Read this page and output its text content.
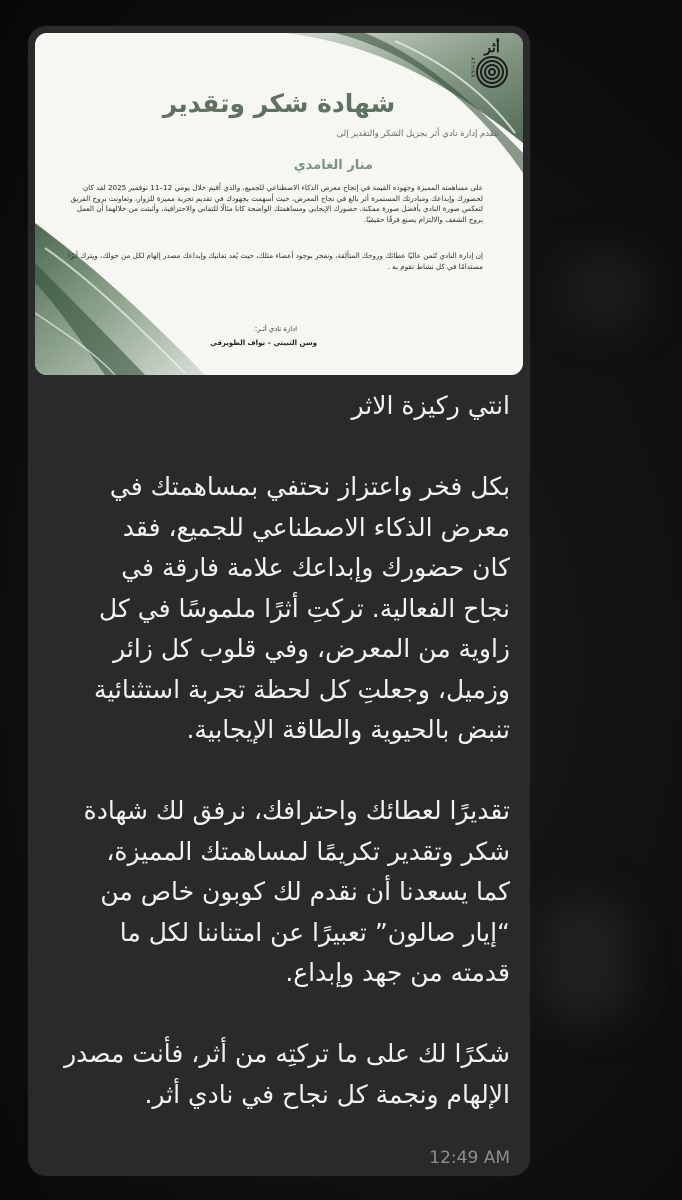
أثر
ATHAR
شهادة شكر وتقدير
تتقدم إدارة نادي أثر بجزيل الشكر والتقدير إلى
منار الغامدي
على مساهمته المميزة وجهوده القيمة في إنجاح معرض الذكاء الاصطناعي للجميع، والذي أقيم خلال يومي 12–11 نوفمبر 2025 لقد كان لحضورك وإبداعك ومبادرتك المستمرة أثر بالغ في نجاح المعرض، حيث أسهمت بجهودك في تقديم تجربة مميزة للزوار، وتعاونت بروح الفريق لتعكس صورة النادي بأفضل صورة ممكنة. حضورك الإيجابي ومساهمتك الواضحة كانا مثالًا للتفاني والاحترافية، وأثبتت من خلالهما أن العمل بروح الشغف والالتزام يصنع فرقًا حقيقيًا.
إن إدارة النادي تُثمن عاليًا عطائك وروحك المتألقة، ونفخر بوجود أعضاء مثلك، حيث يُعد تفانيك وإبداعك مصدر إلهام لكل من حولك، ويترك أثرًا مستدامًا في كل نشاط تقوم به .
ادارة نادي أثـر:
وسن الثبيتي – نواف الطويرقي

انتي ركيزة الاثر

بكل فخر واعتزاز نحتفي بمساهمتك في
معرض الذكاء الاصطناعي للجميع، فقد
كان حضورك وإبداعك علامة فارقة في
نجاح الفعالية. تركتِ أثرًا ملموسًا في كل
زاوية من المعرض، وفي قلوب كل زائر
وزميل، وجعلتِ كل لحظة تجربة استثنائية
تنبض بالحيوية والطاقة الإيجابية.

تقديرًا لعطائك واحترافك، نرفق لك شهادة
شكر وتقدير تكريمًا لمساهمتك المميزة،
كما يسعدنا أن نقدم لك كوبون خاص من
“إيار صالون” تعبيرًا عن امتناننا لكل ما
قدمته من جهد وإبداع.

شكرًا لك على ما تركتِه من أثر، فأنت مصدر
الإلهام ونجمة كل نجاح في نادي أثر.

12:49 AM
